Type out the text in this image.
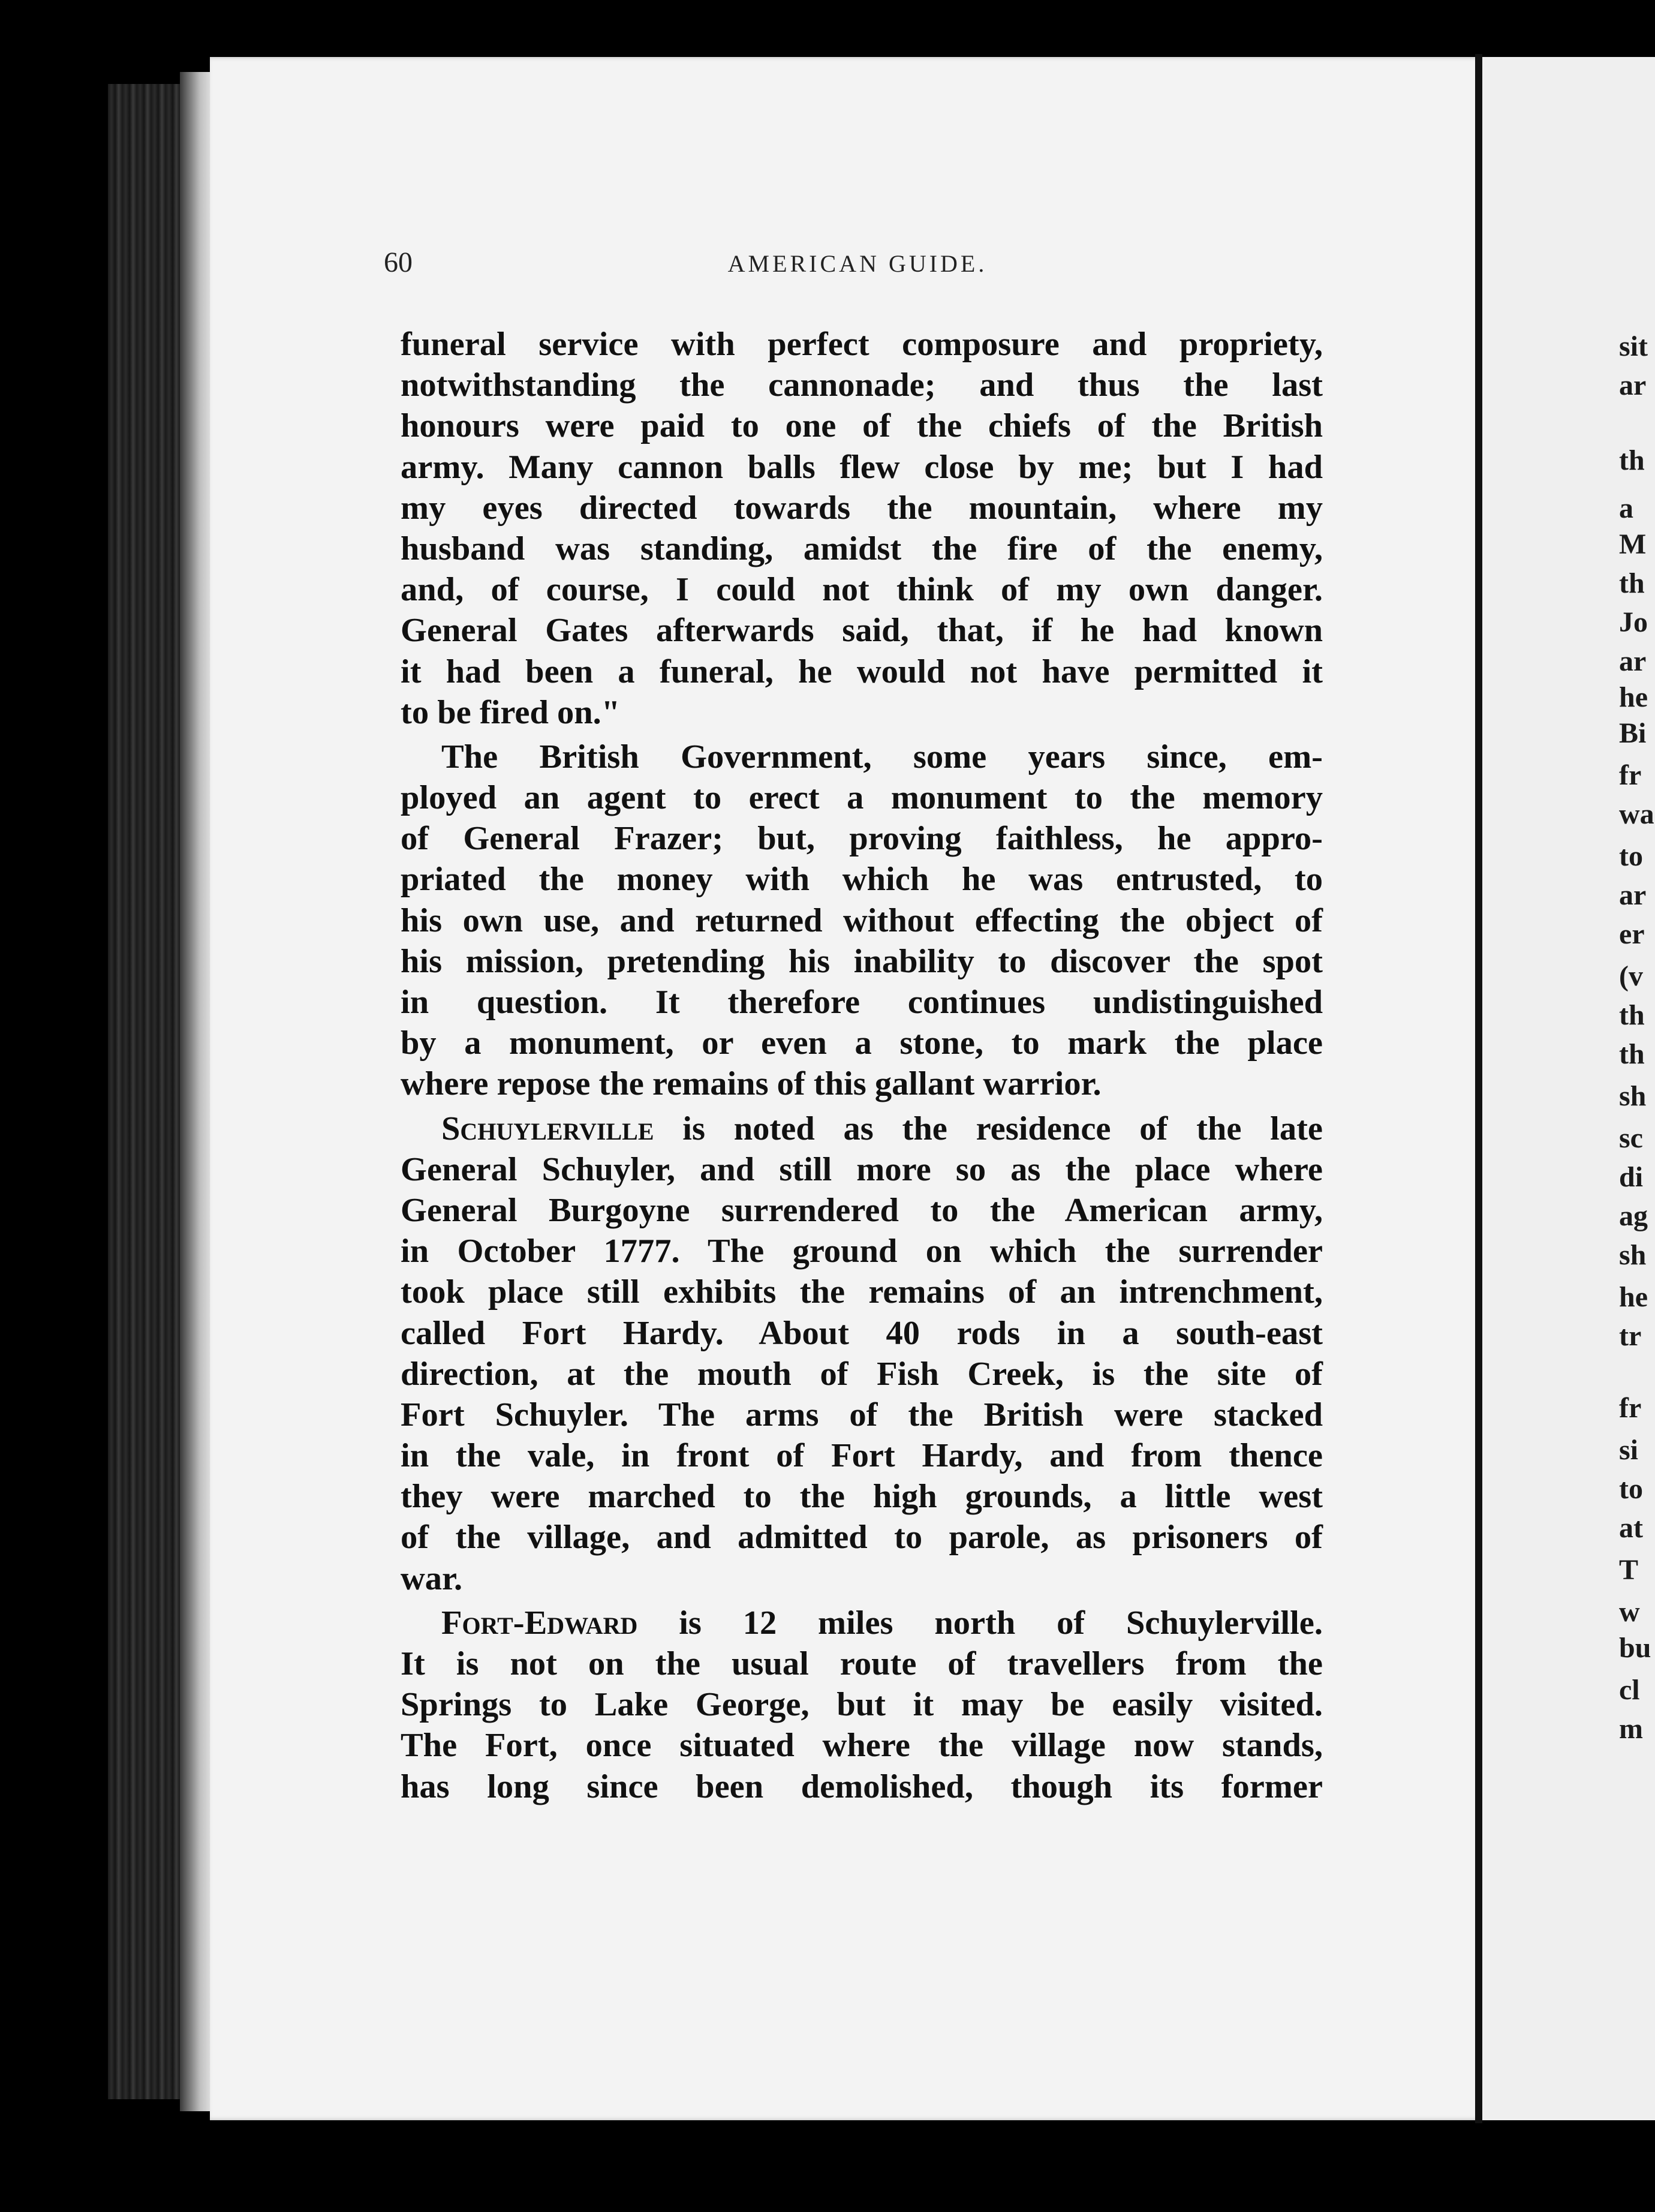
sit
ar
th
a
M
th
Jo
ar
he
Bi
fr
wa
to
ar
er
(v
th
th
sh
sc
di
ag
sh
he
tr
fr
si
to
at
T
w
bu
cl
m
60	AMERICAN GUIDE.
funeral service with perfect composure and propriety,
notwithstanding the cannonade; and thus the last
honours were paid to one of the chiefs of the British
army. Many cannon balls flew close by me; but I had
my eyes directed towards the mountain, where my
husband was standing, amidst the fire of the enemy,
and, of course, I could not think of my own danger.
General Gates afterwards said, that, if he had known
it had been a funeral, he would not have permitted it
to be fired on."
The British Government, some years since, em-
ployed an agent to erect a monument to the memory
of General Frazer; but, proving faithless, he appro-
priated the money with which he was entrusted, to
his own use, and returned without effecting the object of
his mission, pretending his inability to discover the spot
in question. It therefore continues undistinguished
by a monument, or even a stone, to mark the place
where repose the remains of this gallant warrior.
Schuylerville is noted as the residence of the late
General Schuyler, and still more so as the place where
General Burgoyne surrendered to the American army,
in October 1777. The ground on which the surrender
took place still exhibits the remains of an intrenchment,
called Fort Hardy. About 40 rods in a south-east
direction, at the mouth of Fish Creek, is the site of
Fort Schuyler. The arms of the British were stacked
in the vale, in front of Fort Hardy, and from thence
they were marched to the high grounds, a little west
of the village, and admitted to parole, as prisoners of
war.
Fort-Edward is 12 miles north of Schuylerville.
It is not on the usual route of travellers from the
Springs to Lake George, but it may be easily visited.
The Fort, once situated where the village now stands,
has long since been demolished, though its former
